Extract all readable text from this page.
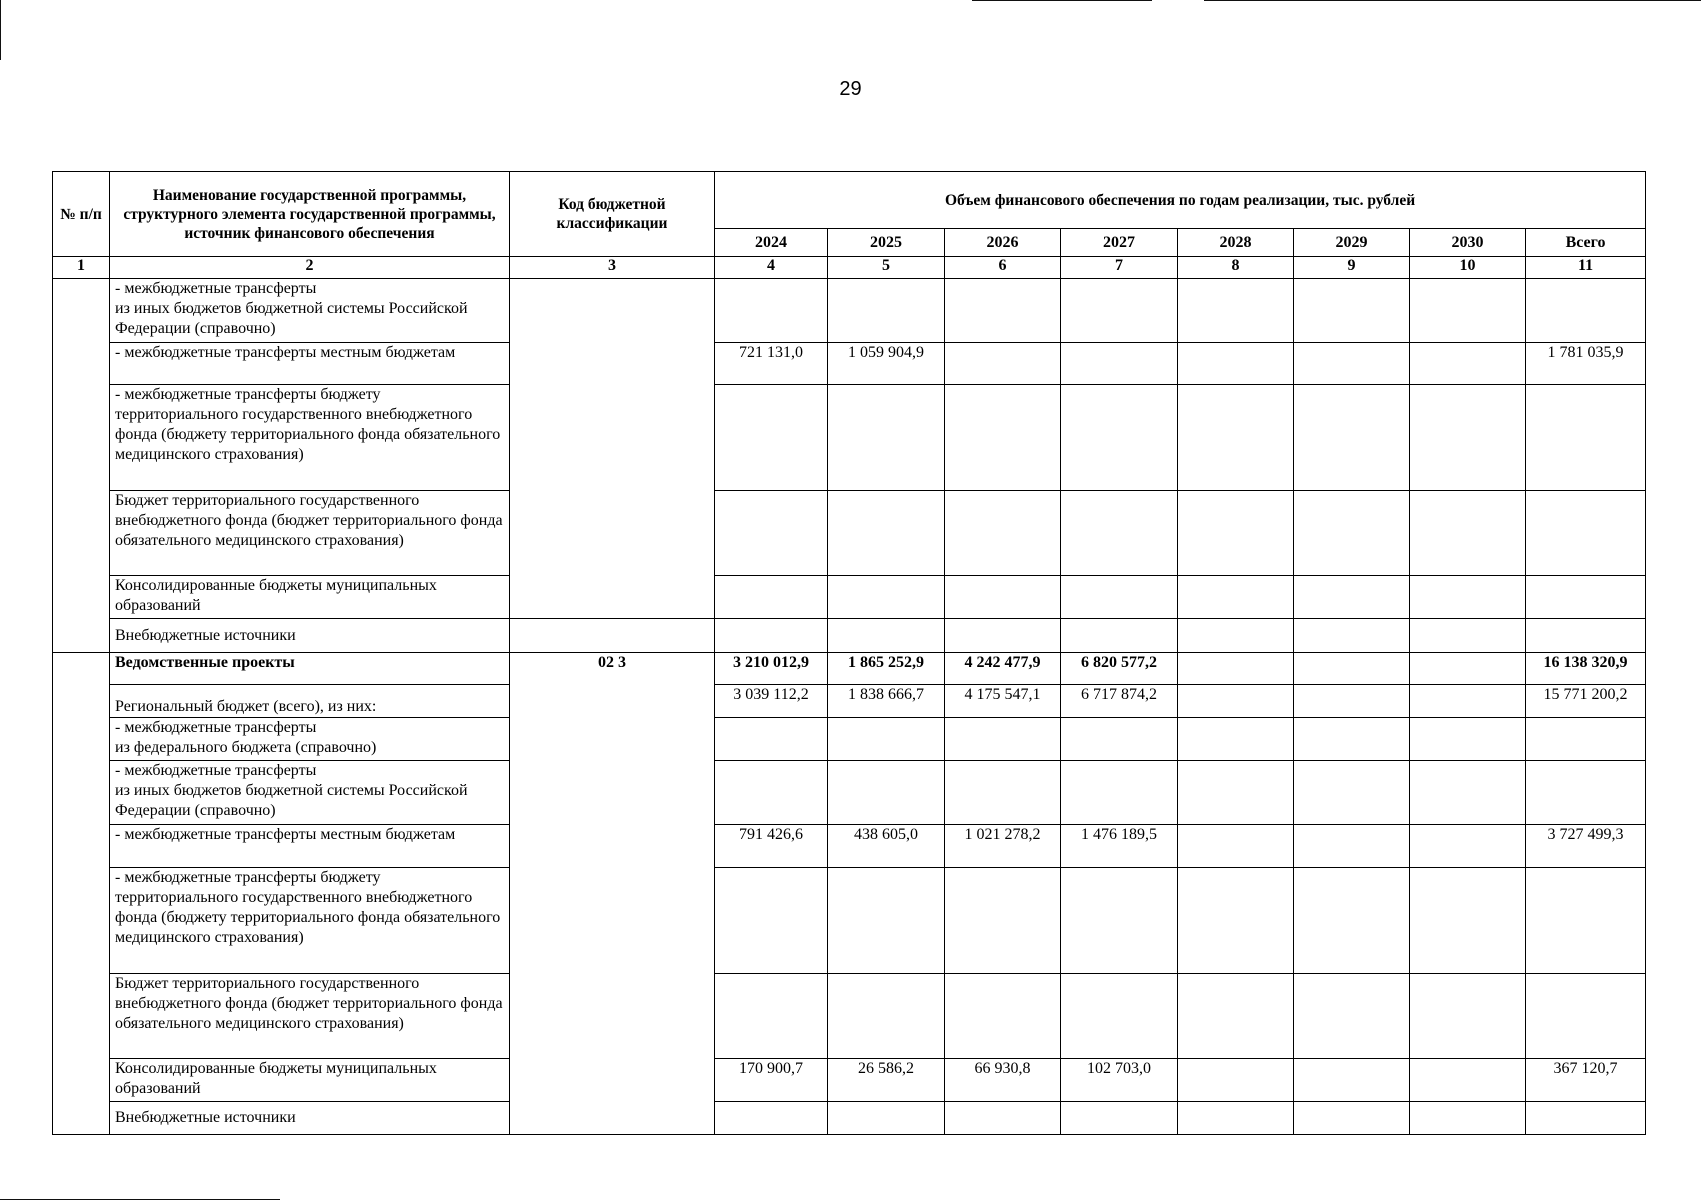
29
№ п/п	Наименование государственной программы, структурного элемента государственной программы, источник финансового обеспечения	Код бюджетной классификации	Объем финансового обеспечения по годам реализации, тыс. рублей							
			2024	2025	2026	2027	2028	2029	2030	Всего
1	2	3	4	5	6	7	8	9	10	11
	- межбюджетные трансферты
из иных бюджетов бюджетной системы Российской Федерации (справочно)									
	- межбюджетные трансферты местным бюджетам		721 131,0	1 059 904,9						1 781 035,9
	- межбюджетные трансферты бюджету территориального государственного внебюджетного фонда (бюджету территориального фонда обязательного медицинского страхования)									
	Бюджет территориального государственного внебюджетного фонда (бюджет территориального фонда обязательного медицинского страхования)									
	Консолидированные бюджеты муниципальных образований									
	Внебюджетные источники									
	Ведомственные проекты	02 3	3 210 012,9	1 865 252,9	4 242 477,9	6 820 577,2				16 138 320,9
	Региональный бюджет (всего), из них:		3 039 112,2	1 838 666,7	4 175 547,1	6 717 874,2				15 771 200,2
	- межбюджетные трансферты
из федерального бюджета (справочно)									
	- межбюджетные трансферты
из иных бюджетов бюджетной системы Российской Федерации (справочно)									
	- межбюджетные трансферты местным бюджетам		791 426,6	438 605,0	1 021 278,2	1 476 189,5				3 727 499,3
	- межбюджетные трансферты бюджету территориального государственного внебюджетного фонда (бюджету территориального фонда обязательного медицинского страхования)									
	Бюджет территориального государственного внебюджетного фонда (бюджет территориального фонда обязательного медицинского страхования)									
	Консолидированные бюджеты муниципальных образований		170 900,7	26 586,2	66 930,8	102 703,0				367 120,7
	Внебюджетные источники									
